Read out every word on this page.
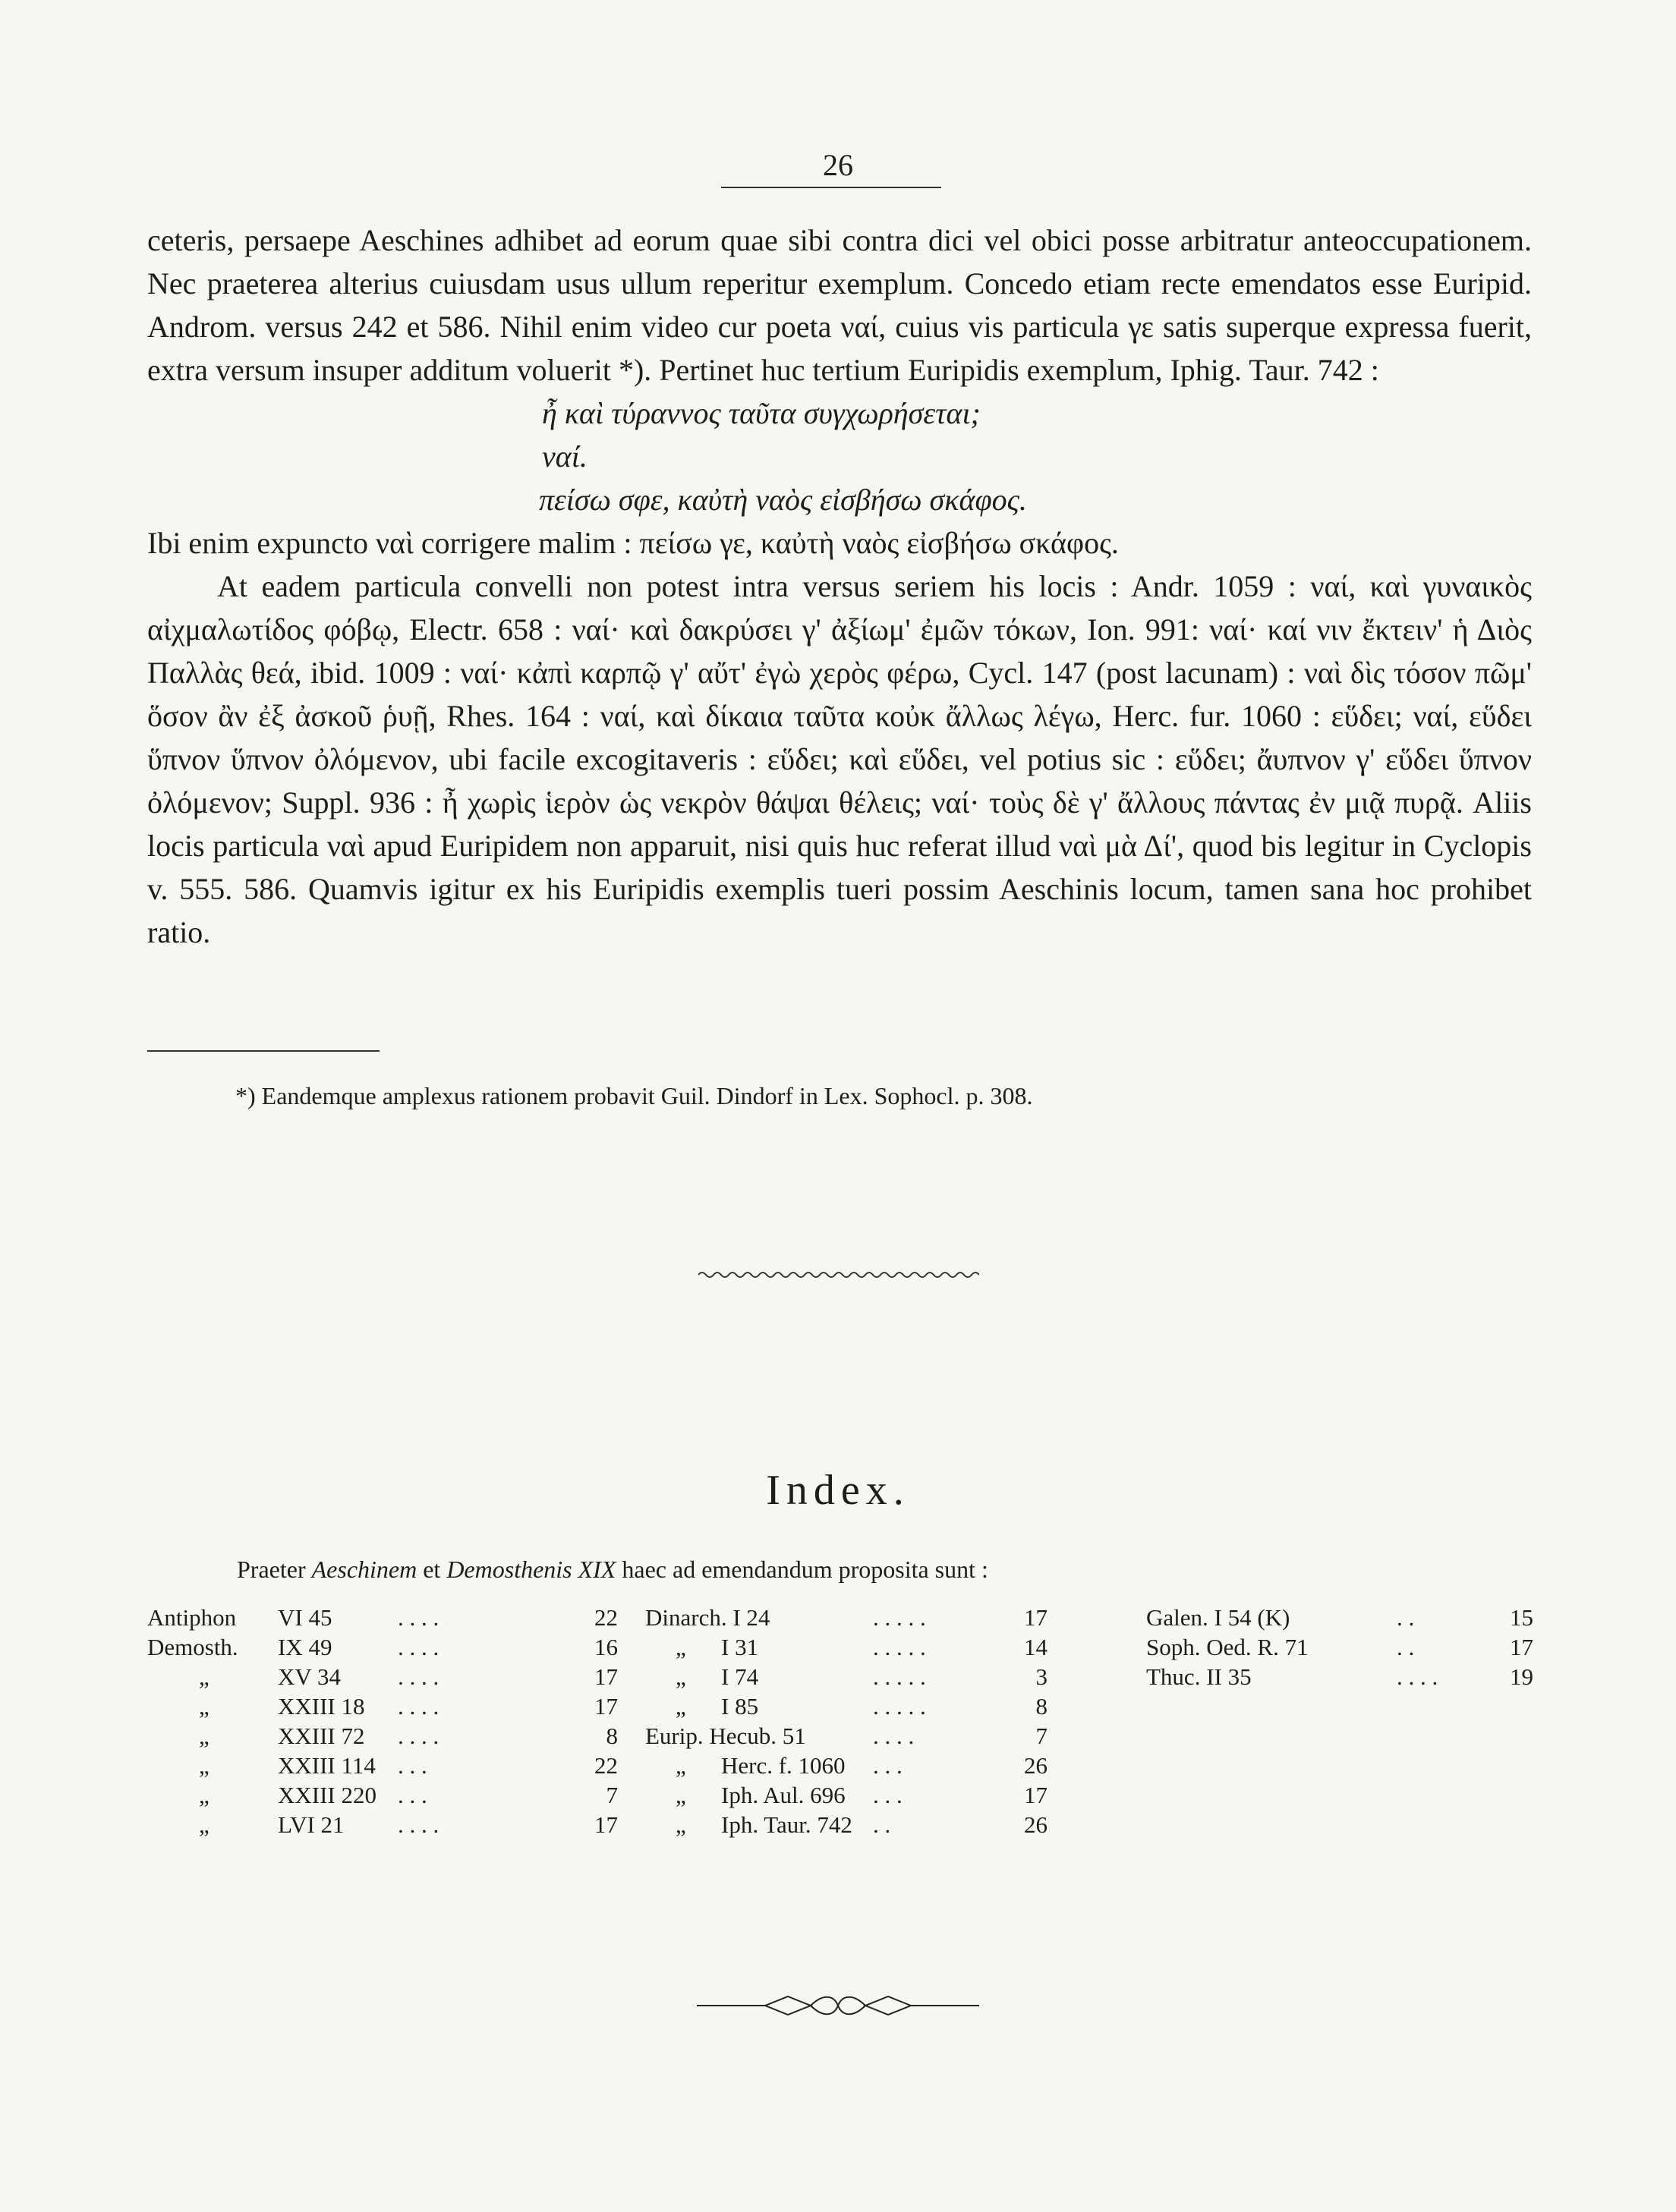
26

ceteris, persaepe Aeschines adhibet ad eorum quae sibi contra dici vel obici posse arbitratur anteoccupationem. Nec praeterea alterius cuiusdam usus ullum reperitur exemplum. Concedo etiam recte emendatos esse Euripid. Androm. versus 242 et 586. Nihil enim video cur poeta ναί, cuius vis particula γε satis superque expressa fuerit, extra versum insuper additum voluerit *). Pertinet huc tertium Euripidis exemplum, Iphig. Taur. 742 :

ἦ καὶ τύραννος ταῦτα συγχωρήσεται;

ναί.

πείσω σφε, καὐτὴ ναὸς εἰσβήσω σκάφος.

Ibi enim expuncto ναὶ corrigere malim : πείσω γε, καὐτὴ ναὸς εἰσβήσω σκάφος.

At eadem particula convelli non potest intra versus seriem his locis : Andr. 1059 : ναί, καὶ γυναικὸς αἰχμαλωτίδος φόβῳ, Electr. 658 : ναί· καὶ δακρύσει γ' ἀξίωμ' ἐμῶν τόκων, Ion. 991: ναί· καί νιν ἔκτειν' ἡ Διὸς Παλλὰς θεά, ibid. 1009 : ναί· κἀπὶ καρπῷ γ' αὔτ' ἐγὼ χερὸς φέρω, Cycl. 147 (post lacunam) : ναὶ δὶς τόσον πῶμ' ὅσον ἂν ἐξ ἀσκοῦ ῥυῇ, Rhes. 164 : ναί, καὶ δίκαια ταῦτα κοὐκ ἄλλως λέγω, Herc. fur. 1060 : εὕδει; ναί, εὕδει ὕπνον ὕπνον ὀλόμενον, ubi facile excogitaveris : εὕδει; καὶ εὕδει, vel potius sic : εὕδει; ἄυπνον γ' εὕδει ὕπνον ὀλόμενον; Suppl. 936 : ἦ χωρὶς ἱερὸν ὡς νεκρὸν θάψαι θέλεις; ναί· τοὺς δὲ γ' ἄλλους πάντας ἐν μιᾷ πυρᾷ. Aliis locis particula ναὶ apud Euripidem non apparuit, nisi quis huc referat illud ναὶ μὰ Δί', quod bis legitur in Cyclopis v. 555. 586. Quamvis igitur ex his Euripidis exemplis tueri possim Aeschinis locum, tamen sana hoc prohibet ratio.

*) Eandemque amplexus rationem probavit Guil. Dindorf in Lex. Sophocl. p. 308.
Index.
Praeter Aeschinem et Demosthenis XIX haec ad emendandum proposita sunt :
Antiphon VI 45	. . . .	22
Demosth. IX 49	. . . .	16
„	XV 34 . . . .	17
„	XXIII 18 . . . .	17
„	XXIII 72 . . . .	8
„	XXIII 114 . . .	22
„	XXIII 220 . . .	7
„	LVI 21 . . . .	17
Dinarch. I 24	. . . . .	17
„ I 31	. . . . .	14
„ I 74	. . . . .	3
„ I 85	. . . . .	8
Eurip. Hecub. 51	. . . .	7
„ Herc. f. 1060 . . .	26
„ Iph. Aul. 696 . . .	17
„ Iph. Taur. 742 . .	26
Galen. I 54 (K)	. .	15
Soph. Oed. R. 71	. .	17
Thuc. II 35	. . . .	19
